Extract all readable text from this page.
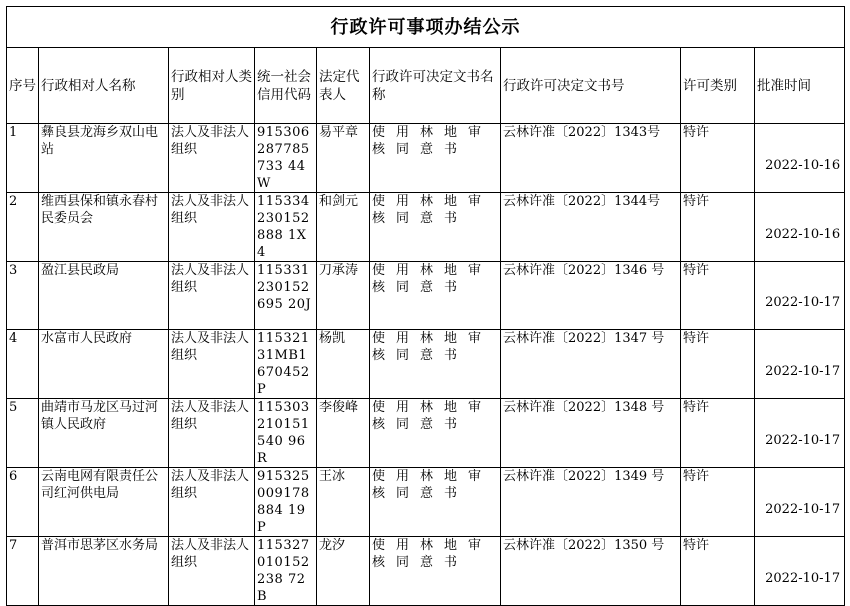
行政许可事项办结公示								
序号	行政相对人名称	行政相对人类别	统一社会信用代码	法定代表人	行政许可决定文书名称	行政许可决定文书号	许可类别	批准时间
1	彝良县龙海乡双山电站	法人及非法人组织	915306287785733 44W	易平章	使用林地审核同意书	云林许准〔2022〕1343号	特许	2022-10-16
2	维西县保和镇永春村民委员会	法人及非法人组织	115334230152888 1X4	和剑元	使用林地审核同意书	云林许准〔2022〕1344号	特许	2022-10-16
3	盈江县民政局	法人及非法人组织	115331230152695 20J	刀承涛	使用林地审核同意书	云林许准〔2022〕1346 号	特许	2022-10-17
4	水富市人民政府	法人及非法人组织	11532131MB1670452P	杨凯	使用林地审核同意书	云林许准〔2022〕1347 号	特许	2022-10-17
5	曲靖市马龙区马过河镇人民政府	法人及非法人组织	115303210151540 96R	李俊峰	使用林地审核同意书	云林许准〔2022〕1348 号	特许	2022-10-17
6	云南电网有限责任公司红河供电局	法人及非法人组织	915325009178884 19P	王冰	使用林地审核同意书	云林许准〔2022〕1349 号	特许	2022-10-17
7	普洱市思茅区水务局	法人及非法人组织	115327010152238 72B	龙汐	使用林地审核同意书	云林许准〔2022〕1350 号	特许	2022-10-17
